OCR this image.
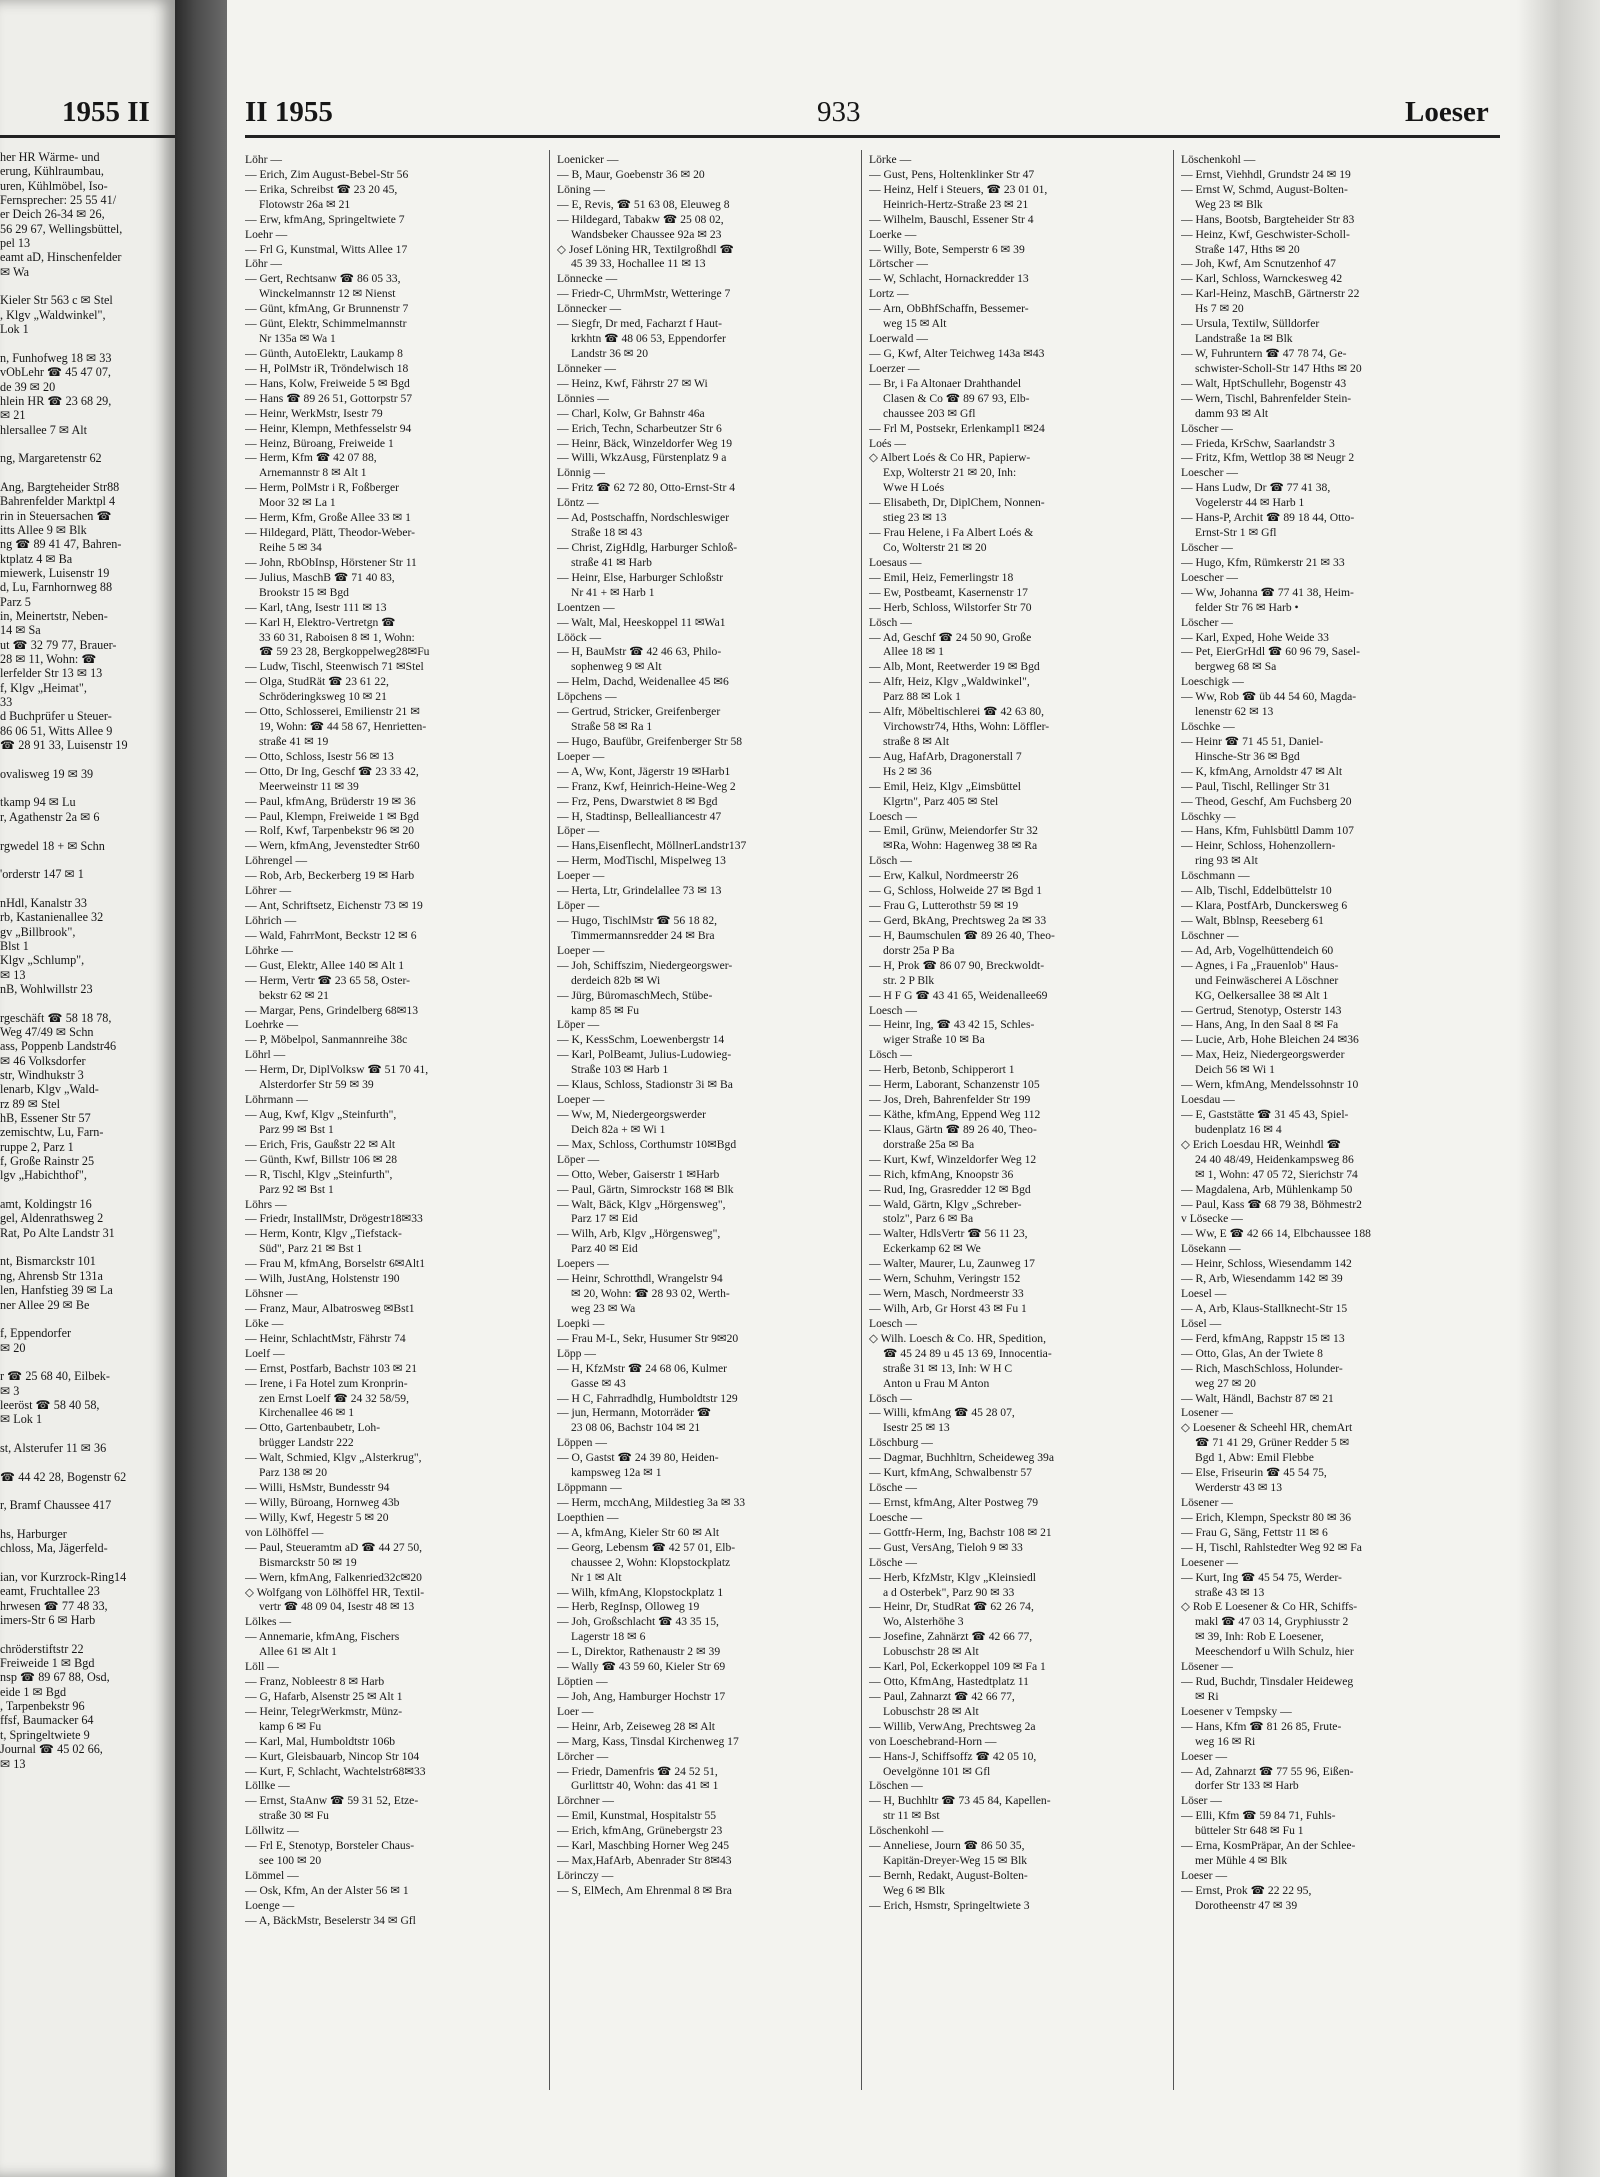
1955 II
her HR Wärme- und
erung, Kühlraumbau,
uren, Kühlmöbel, Iso-
Fernsprecher: 25 55 41/
er Deich 26-34 ✉ 26,
56 29 67, Wellingsbüttel,
pel 13
eamt aD, Hinschenfelder
✉ Wa

Kieler Str 563 c ✉ Stel
, Klgv „Waldwinkel",
Lok 1

n, Funhofweg 18 ✉ 33
vObLehr ☎ 45 47 07,
de 39 ✉ 20
hlein HR ☎ 23 68 29,
✉ 21
hlersallee 7 ✉ Alt

ng, Margaretenstr 62

Ang, Bargteheider Str88
Bahrenfelder Marktpl 4
rin in Steuersachen ☎
itts Allee 9 ✉ Blk
ng ☎ 89 41 47, Bahren-
ktplatz 4 ✉ Ba
miewerk, Luisenstr 19
d, Lu, Farnhornweg 88
Parz 5
in, Meinertstr, Neben-
14 ✉ Sa
ut ☎ 32 79 77, Brauer-
28 ✉ 11, Wohn: ☎
lerfelder Str 13 ✉ 13
f, Klgv „Heimat",
33
d Buchprüfer u Steuer-
86 06 51, Witts Allee 9
☎ 28 91 33, Luisenstr 19

ovalisweg 19 ✉ 39

tkamp 94 ✉ Lu
r, Agathenstr 2a ✉ 6

rgwedel 18 + ✉ Schn

'orderstr 147 ✉ 1

nHdl, Kanalstr 33
rb, Kastanienallee 32
gv „Billbrook",
Blst 1
Klgv „Schlump",
✉ 13
nB, Wohlwillstr 23

rgeschäft ☎ 58 18 78,
Weg 47/49 ✉ Schn
ass, Poppenb Landstr46
✉ 46 Volksdorfer
str, Windhukstr 3
lenarb, Klgv „Wald-
rz 89 ✉ Stel
hB, Essener Str 57
zemischtw, Lu, Farn-
ruppe 2, Parz 1
f, Große Rainstr 25
lgv „Habichthof",

amt, Koldingstr 16
gel, Aldenrathsweg 2
Rat, Po Alte Landstr 31

nt, Bismarckstr 101
ng, Ahrensb Str 131a
len, Hanfstieg 39 ✉ La
ner Allee 29 ✉ Be

f, Eppendorfer
✉ 20

r ☎ 25 68 40, Eilbek-
✉ 3
leeröst ☎ 58 40 58,
✉ Lok 1

st, Alsterufer 11 ✉ 36

☎ 44 42 28, Bogenstr 62

r, Bramf Chaussee 417

hs, Harburger
chloss, Ma, Jägerfeld-

ian, vor Kurzrock-Ring14
eamt, Fruchtallee 23
hrwesen ☎ 77 48 33,
imers-Str 6 ✉ Harb

chröderstiftstr 22
Freiweide 1 ✉ Bgd
nsp ☎ 89 67 88, Osd,
eide 1 ✉ Bgd
, Tarpenbekstr 96
ffsf, Baumacker 64
t, Springeltwiete 9
Journal ☎ 45 02 66,
✉ 13
II 1955	933	Loeser
Löhr —
— Erich, Zim August-Bebel-Str 56
— Erika, Schreibst ☎ 23 20 45,
Flotowstr 26a ✉ 21
— Erw, kfmAng, Springeltwiete 7
Loehr —
— Frl G, Kunstmal, Witts Allee 17
Löhr —
— Gert, Rechtsanw ☎ 86 05 33,
Winckelmannstr 12 ✉ Nienst
— Günt, kfmAng, Gr Brunnenstr 7
— Günt, Elektr, Schimmelmannstr
Nr 135a ✉ Wa 1
— Günth, AutoElektr, Laukamp 8
— H, PolMstr iR, Tröndelwisch 18
— Hans, Kolw, Freiweide 5 ✉ Bgd
— Hans ☎ 89 26 51, Gottorpstr 57
— Heinr, WerkMstr, Isestr 79
— Heinr, Klempn, Methfesselstr 94
— Heinz, Büroang, Freiweide 1
— Herm, Kfm ☎ 42 07 88,
Arnemannstr 8 ✉ Alt 1
— Herm, PolMstr i R, Foßberger
Moor 32 ✉ La 1
— Herm, Kfm, Große Allee 33 ✉ 1
— Hildegard, Plätt, Theodor-Weber-
Reihe 5 ✉ 34
— John, RbObInsp, Hörstener Str 11
— Julius, MaschB ☎ 71 40 83,
Brookstr 15 ✉ Bgd
— Karl, tAng, Isestr 111 ✉ 13
— Karl H, Elektro-Vertretgn ☎
33 60 31, Raboisen 8 ✉ 1, Wohn:
☎ 59 23 28, Bergkoppelweg28✉Fu
— Ludw, Tischl, Steenwisch 71 ✉Stel
— Olga, StudRät ☎ 23 61 22,
Schröderingksweg 10 ✉ 21
— Otto, Schlosserei, Emilienstr 21 ✉
19, Wohn: ☎ 44 58 67, Henrietten-
straße 41 ✉ 19
— Otto, Schloss, Isestr 56 ✉ 13
— Otto, Dr Ing, Geschf ☎ 23 33 42,
Meerweinstr 11 ✉ 39
— Paul, kfmAng, Brüderstr 19 ✉ 36
— Paul, Klempn, Freiweide 1 ✉ Bgd
— Rolf, Kwf, Tarpenbekstr 96 ✉ 20
— Wern, kfmAng, Jevenstedter Str60
Löhrengel —
— Rob, Arb, Beckerberg 19 ✉ Harb
Löhrer —
— Ant, Schriftsetz, Eichenstr 73 ✉ 19
Löhrich —
— Wald, FahrrMont, Beckstr 12 ✉ 6
Löhrke —
— Gust, Elektr, Allee 140 ✉ Alt 1
— Herm, Vertr ☎ 23 65 58, Oster-
bekstr 62 ✉ 21
— Margar, Pens, Grindelberg 68✉13
Loehrke —
— P, Möbelpol, Sanmannreihe 38c
Löhrl —
— Herm, Dr, DiplVolksw ☎ 51 70 41,
Alsterdorfer Str 59 ✉ 39
Löhrmann —
— Aug, Kwf, Klgv „Steinfurth",
Parz 99 ✉ Bst 1
— Erich, Fris, Gaußstr 22 ✉ Alt
— Günth, Kwf, Billstr 106 ✉ 28
— R, Tischl, Klgv „Steinfurth",
Parz 92 ✉ Bst 1
Löhrs —
— Friedr, InstallMstr, Drögestr18✉33
— Herm, Kontr, Klgv „Tiefstack-
Süd", Parz 21 ✉ Bst 1
— Frau M, kfmAng, Borselstr 6✉Alt1
— Wilh, JustAng, Holstenstr 190
Löhsner —
— Franz, Maur, Albatrosweg ✉Bst1
Löke —
— Heinr, SchlachtMstr, Fährstr 74
Loelf —
— Ernst, Postfarb, Bachstr 103 ✉ 21
— Irene, i Fa Hotel zum Kronprin-
zen Ernst Loelf ☎ 24 32 58/59,
Kirchenallee 46 ✉ 1
— Otto, Gartenbaubetr, Loh-
brügger Landstr 222
— Walt, Schmied, Klgv „Alsterkrug",
Parz 138 ✉ 20
— Willi, HsMstr, Bundesstr 94
— Willy, Büroang, Hornweg 43b
— Willy, Kwf, Hegestr 5 ✉ 20
von Lölhöffel —
— Paul, Steueramtm aD ☎ 44 27 50,
Bismarckstr 50 ✉ 19
— Wern, kfmAng, Falkenried32c✉20
◇ Wolfgang von Lölhöffel HR, Textil-
vertr ☎ 48 09 04, Isestr 48 ✉ 13
Lölkes —
— Annemarie, kfmAng, Fischers
Allee 61 ✉ Alt 1
Löll —
— Franz, Nobleestr 8 ✉ Harb
— G, Hafarb, Alsenstr 25 ✉ Alt 1
— Heinr, TelegrWerkmstr, Münz-
kamp 6 ✉ Fu
— Karl, Mal, Humboldtstr 106b
— Kurt, Gleisbauarb, Nincop Str 104
— Kurt, F, Schlacht, Wachtelstr68✉33
Löllke —
— Ernst, StaAnw ☎ 59 31 52, Etze-
straße 30 ✉ Fu
Löllwitz —
— Frl E, Stenotyp, Borsteler Chaus-
see 100 ✉ 20
Lömmel —
— Osk, Kfm, An der Alster 56 ✉ 1
Loenge —
— A, BäckMstr, Beselerstr 34 ✉ Gfl
Loenicker —
— B, Maur, Goebenstr 36 ✉ 20
Löning —
— E, Revis, ☎ 51 63 08, Eleuweg 8
— Hildegard, Tabakw ☎ 25 08 02,
Wandsbeker Chaussee 92a ✉ 23
◇ Josef Löning HR, Textilgroßhdl ☎
45 39 33, Hochallee 11 ✉ 13
Lönnecke —
— Friedr-C, UhrmMstr, Wetteringe 7
Lönnecker —
— Siegfr, Dr med, Facharzt f Haut-
krkhtn ☎ 48 06 53, Eppendorfer
Landstr 36 ✉ 20
Lönneker —
— Heinz, Kwf, Fährstr 27 ✉ Wi
Lönnies —
— Charl, Kolw, Gr Bahnstr 46a
— Erich, Techn, Scharbeutzer Str 6
— Heinr, Bäck, Winzeldorfer Weg 19
— Willi, WkzAusg, Fürstenplatz 9 a
Lönnig —
— Fritz ☎ 62 72 80, Otto-Ernst-Str 4
Löntz —
— Ad, Postschaffn, Nordschleswiger
Straße 18 ✉ 43
— Christ, ZigHdlg, Harburger Schloß-
straße 41 ✉ Harb
— Heinr, Else, Harburger Schloßstr
Nr 41 + ✉ Harb 1
Loentzen —
— Walt, Mal, Heeskoppel 11 ✉Wa1
Lööck —
— H, BauMstr ☎ 42 46 63, Philo-
sophenweg 9 ✉ Alt
— Helm, Dachd, Weidenallee 45 ✉6
Löpchens —
— Gertrud, Stricker, Greifenberger
Straße 58 ✉ Ra 1
— Hugo, Baufübr, Greifenberger Str 58
Loeper —
— A, Ww, Kont, Jägerstr 19 ✉Harb1
— Franz, Kwf, Heinrich-Heine-Weg 2
— Frz, Pens, Dwarstwiet 8 ✉ Bgd
— H, Stadtinsp, Bellealliancestr 47
Löper —
— Hans,Eisenflecht, MöllnerLandstr137
— Herm, ModTischl, Mispelweg 13
Loeper —
— Herta, Ltr, Grindelallee 73 ✉ 13
Löper —
— Hugo, TischlMstr ☎ 56 18 82,
Timmermannsredder 24 ✉ Bra
Loeper —
— Joh, Schiffszim, Niedergeorgswer-
derdeich 82b ✉ Wi
— Jürg, BüromaschMech, Stübe-
kamp 85 ✉ Fu
Löper —
— K, KessSchm, Loewenbergstr 14
— Karl, PolBeamt, Julius-Ludowieg-
Straße 103 ✉ Harb 1
— Klaus, Schloss, Stadionstr 3i ✉ Ba
Loeper —
— Ww, M, Niedergeorgswerder
Deich 82a + ✉ Wi 1
— Max, Schloss, Corthumstr 10✉Bgd
Löper —
— Otto, Weber, Gaiserstr 1 ✉Harb
— Paul, Gärtn, Simrockstr 168 ✉ Blk
— Walt, Bäck, Klgv „Hörgensweg",
Parz 17 ✉ Eid
— Wilh, Arb, Klgv „Hörgensweg",
Parz 40 ✉ Eid
Loepers —
— Heinr, Schrotthdl, Wrangelstr 94
✉ 20, Wohn: ☎ 28 93 02, Werth-
weg 23 ✉ Wa
Loepki —
— Frau M-L, Sekr, Husumer Str 9✉20
Löpp —
— H, KfzMstr ☎ 24 68 06, Kulmer
Gasse ✉ 43
— H C, Fahrradhdlg, Humboldtstr 129
— jun, Hermann, Motorräder ☎
23 08 06, Bachstr 104 ✉ 21
Löppen —
— O, Gastst ☎ 24 39 80, Heiden-
kampsweg 12a ✉ 1
Löppmann —
— Herm, mcchAng, Mildestieg 3a ✉ 33
Loepthien —
— A, kfmAng, Kieler Str 60 ✉ Alt
— Georg, Lebensm ☎ 42 57 01, Elb-
chaussee 2, Wohn: Klopstockplatz
Nr 1 ✉ Alt
— Wilh, kfmAng, Klopstockplatz 1
— Herb, RegInsp, Olloweg 19
— Joh, Großschlacht ☎ 43 35 15,
Lagerstr 18 ✉ 6
— L, Direktor, Rathenaustr 2 ✉ 39
— Wally ☎ 43 59 60, Kieler Str 69
Löptien —
— Joh, Ang, Hamburger Hochstr 17
Loer —
— Heinr, Arb, Zeiseweg 28 ✉ Alt
— Marg, Kass, Tinsdal Kirchenweg 17
Lörcher —
— Friedr, Damenfris ☎ 24 52 51,
Gurlittstr 40, Wohn: das 41 ✉ 1
Lörchner —
— Emil, Kunstmal, Hospitalstr 55
— Erich, kfmAng, Grünebergstr 23
— Karl, Maschbing Horner Weg 245
— Max,HafArb, Abenrader Str 8✉43
Lörinczy —
— S, ElMech, Am Ehrenmal 8 ✉ Bra
Lörke —
— Gust, Pens, Holtenklinker Str 47
— Heinz, Helf i Steuers, ☎ 23 01 01,
Heinrich-Hertz-Straße 23 ✉ 21
— Wilhelm, Bauschl, Essener Str 4
Loerke —
— Willy, Bote, Semperstr 6 ✉ 39
Lörtscher —
— W, Schlacht, Hornackredder 13
Lortz —
— Arn, ObBhfSchaffn, Bessemer-
weg 15 ✉ Alt
Loerwald —
— G, Kwf, Alter Teichweg 143a ✉43
Loerzer —
— Br, i Fa Altonaer Drahthandel
Clasen & Co ☎ 89 67 93, Elb-
chaussee 203 ✉ Gfl
— Frl M, Postsekr, Erlenkampl1 ✉24
Loés —
◇ Albert Loés & Co HR, Papierw-
Exp, Wolterstr 21 ✉ 20, Inh:
Wwe H Loés
— Elisabeth, Dr, DiplChem, Nonnen-
stieg 23 ✉ 13
— Frau Helene, i Fa Albert Loés &
Co, Wolterstr 21 ✉ 20
Loesaus —
— Emil, Heiz, Femerlingstr 18
— Ew, Postbeamt, Kasernenstr 17
— Herb, Schloss, Wilstorfer Str 70
Lösch —
— Ad, Geschf ☎ 24 50 90, Große
Allee 18 ✉ 1
— Alb, Mont, Reetwerder 19 ✉ Bgd
— Alfr, Heiz, Klgv „Waldwinkel",
Parz 88 ✉ Lok 1
— Alfr, Möbeltischlerei ☎ 42 63 80,
Virchowstr74, Hths, Wohn: Löffler-
straße 8 ✉ Alt
— Aug, HafArb, Dragonerstall 7
Hs 2 ✉ 36
— Emil, Heiz, Klgv „Eimsbüttel
Klgrtn", Parz 405 ✉ Stel
Loesch —
— Emil, Grünw, Meiendorfer Str 32
✉Ra, Wohn: Hagenweg 38 ✉ Ra
Lösch —
— Erw, Kalkul, Nordmeerstr 26
— G, Schloss, Holweide 27 ✉ Bgd 1
— Frau G, Lutterothstr 59 ✉ 19
— Gerd, BkAng, Prechtsweg 2a ✉ 33
— H, Baumschulen ☎ 89 26 40, Theo-
dorstr 25a P Ba
— H, Prok ☎ 86 07 90, Breckwoldt-
str. 2 P Blk
— H F G ☎ 43 41 65, Weidenallee69
Loesch —
— Heinr, Ing, ☎ 43 42 15, Schles-
wiger Straße 10 ✉ Ba
Lösch —
— Herb, Betonb, Schipperort 1
— Herm, Laborant, Schanzenstr 105
— Jos, Dreh, Bahrenfelder Str 199
— Käthe, kfmAng, Eppend Weg 112
— Klaus, Gärtn ☎ 89 26 40, Theo-
dorstraße 25a ✉ Ba
— Kurt, Kwf, Winzeldorfer Weg 12
— Rich, kfmAng, Knoopstr 36
— Rud, Ing, Grasredder 12 ✉ Bgd
— Wald, Gärtn, Klgv „Schreber-
stolz", Parz 6 ✉ Ba
— Walter, HdlsVertr ☎ 56 11 23,
Eckerkamp 62 ✉ We
— Walter, Maurer, Lu, Zaunweg 17
— Wern, Schuhm, Veringstr 152
— Wern, Masch, Nordmeerstr 33
— Wilh, Arb, Gr Horst 43 ✉ Fu 1
Loesch —
◇ Wilh. Loesch & Co. HR, Spedition,
☎ 45 24 89 u 45 13 69, Innocentia-
straße 31 ✉ 13, Inh: W H C
Anton u Frau M Anton
Lösch —
— Willi, kfmAng ☎ 45 28 07,
Isestr 25 ✉ 13
Löschburg —
— Dagmar, Buchhltrn, Scheideweg 39a
— Kurt, kfmAng, Schwalbenstr 57
Lösche —
— Ernst, kfmAng, Alter Postweg 79
Loesche —
— Gottfr-Herm, Ing, Bachstr 108 ✉ 21
— Gust, VersAng, Tieloh 9 ✉ 33
Lösche —
— Herb, KfzMstr, Klgv „Kleinsiedl
a d Osterbek", Parz 90 ✉ 33
— Heinr, Dr, StudRat ☎ 62 26 74,
Wo, Alsterhöhe 3
— Josefine, Zahnärzt ☎ 42 66 77,
Lobuschstr 28 ✉ Alt
— Karl, Pol, Eckerkoppel 109 ✉ Fa 1
— Otto, KfmAng, Hastedtplatz 11
— Paul, Zahnarzt ☎ 42 66 77,
Lobuschstr 28 ✉ Alt
— Willib, VerwAng, Prechtsweg 2a
von Loeschebrand-Horn —
— Hans-J, Schiffsoffz ☎ 42 05 10,
Oevelgönne 101 ✉ Gfl
Löschen —
— H, Buchhltr ☎ 73 45 84, Kapellen-
str 11 ✉ Bst
Löschenkohl —
— Anneliese, Journ ☎ 86 50 35,
Kapitän-Dreyer-Weg 15 ✉ Blk
— Bernh, Redakt, August-Bolten-
Weg 6 ✉ Blk
— Erich, Hsmstr, Springeltwiete 3
Löschenkohl —
— Ernst, Viehhdl, Grundstr 24 ✉ 19
— Ernst W, Schmd, August-Bolten-
Weg 23 ✉ Blk
— Hans, Bootsb, Bargteheider Str 83
— Heinz, Kwf, Geschwister-Scholl-
Straße 147, Hths ✉ 20
— Joh, Kwf, Am Scnutzenhof 47
— Karl, Schloss, Warnckesweg 42
— Karl-Heinz, MaschB, Gärtnerstr 22
Hs 7 ✉ 20
— Ursula, Textilw, Sülldorfer
Landstraße 1a ✉ Blk
— W, Fuhruntern ☎ 47 78 74, Ge-
schwister-Scholl-Str 147 Hths ✉ 20
— Walt, HptSchullehr, Bogenstr 43
— Wern, Tischl, Bahrenfelder Stein-
damm 93 ✉ Alt
Löscher —
— Frieda, KrSchw, Saarlandstr 3
— Fritz, Kfm, Wettlop 38 ✉ Neugr 2
Loescher —
— Hans Ludw, Dr ☎ 77 41 38,
Vogelerstr 44 ✉ Harb 1
— Hans-P, Archit ☎ 89 18 44, Otto-
Ernst-Str 1 ✉ Gfl
Löscher —
— Hugo, Kfm, Rümkerstr 21 ✉ 33
Loescher —
— Ww, Johanna ☎ 77 41 38, Heim-
felder Str 76 ✉ Harb •
Löscher —
— Karl, Exped, Hohe Weide 33
— Pet, EierGrHdl ☎ 60 96 79, Sasel-
bergweg 68 ✉ Sa
Loeschigk —
— Ww, Rob ☎ üb 44 54 60, Magda-
lenenstr 62 ✉ 13
Löschke —
— Heinr ☎ 71 45 51, Daniel-
Hinsche-Str 36 ✉ Bgd
— K, kfmAng, Arnoldstr 47 ✉ Alt
— Paul, Tischl, Rellinger Str 31
— Theod, Geschf, Am Fuchsberg 20
Löschky —
— Hans, Kfm, Fuhlsbüttl Damm 107
— Heinr, Schloss, Hohenzollern-
ring 93 ✉ Alt
Löschmann —
— Alb, Tischl, Eddelbüttelstr 10
— Klara, PostfArb, Dunckersweg 6
— Walt, Bblnsp, Reeseberg 61
Löschner —
— Ad, Arb, Vogelhüttendeich 60
— Agnes, i Fa „Frauenlob" Haus-
und Feinwäscherei A Löschner
KG, Oelkersallee 38 ✉ Alt 1
— Gertrud, Stenotyp, Osterstr 143
— Hans, Ang, In den Saal 8 ✉ Fa
— Lucie, Arb, Hohe Bleichen 24 ✉36
— Max, Heiz, Niedergeorgswerder
Deich 56 ✉ Wi 1
— Wern, kfmAng, Mendelssohnstr 10
Loesdau —
— E, Gaststätte ☎ 31 45 43, Spiel-
budenplatz 16 ✉ 4
◇ Erich Loesdau HR, Weinhdl ☎
24 40 48/49, Heidenkampsweg 86
✉ 1, Wohn: 47 05 72, Sierichstr 74
— Magdalena, Arb, Mühlenkamp 50
— Paul, Kass ☎ 68 79 38, Böhmestr2
v Lösecke —
— Ww, E ☎ 42 66 14, Elbchaussee 188
Lösekann —
— Heinr, Schloss, Wiesendamm 142
— R, Arb, Wiesendamm 142 ✉ 39
Loesel —
— A, Arb, Klaus-Stallknecht-Str 15
Lösel —
— Ferd, kfmAng, Rappstr 15 ✉ 13
— Otto, Glas, An der Twiete 8
— Rich, MaschSchloss, Holunder-
weg 27 ✉ 20
— Walt, Händl, Bachstr 87 ✉ 21
Losener —
◇ Loesener & Scheehl HR, chemArt
☎ 71 41 29, Grüner Redder 5 ✉
Bgd 1, Abw: Emil Flebbe
— Else, Friseurin ☎ 45 54 75,
Werderstr 43 ✉ 13
Lösener —
— Erich, Klempn, Speckstr 80 ✉ 36
— Frau G, Säng, Fettstr 11 ✉ 6
— H, Tischl, Rahlstedter Weg 92 ✉ Fa
Loesener —
— Kurt, Ing ☎ 45 54 75, Werder-
straße 43 ✉ 13
◇ Rob E Loesener & Co HR, Schiffs-
makl ☎ 47 03 14, Gryphiusstr 2
✉ 39, Inh: Rob E Loesener,
Meeschendorf u Wilh Schulz, hier
Lösener —
— Rud, Buchdr, Tinsdaler Heideweg
✉ Ri
Loesener v Tempsky —
— Hans, Kfm ☎ 81 26 85, Frute-
weg 16 ✉ Ri
Loeser —
— Ad, Zahnarzt ☎ 77 55 96, Eißen-
dorfer Str 133 ✉ Harb
Löser —
— Elli, Kfm ☎ 59 84 71, Fuhls-
bütteler Str 648 ✉ Fu 1
— Erna, KosmPräpar, An der Schlee-
mer Mühle 4 ✉ Blk
Loeser —
— Ernst, Prok ☎ 22 22 95,
Dorotheenstr 47 ✉ 39
